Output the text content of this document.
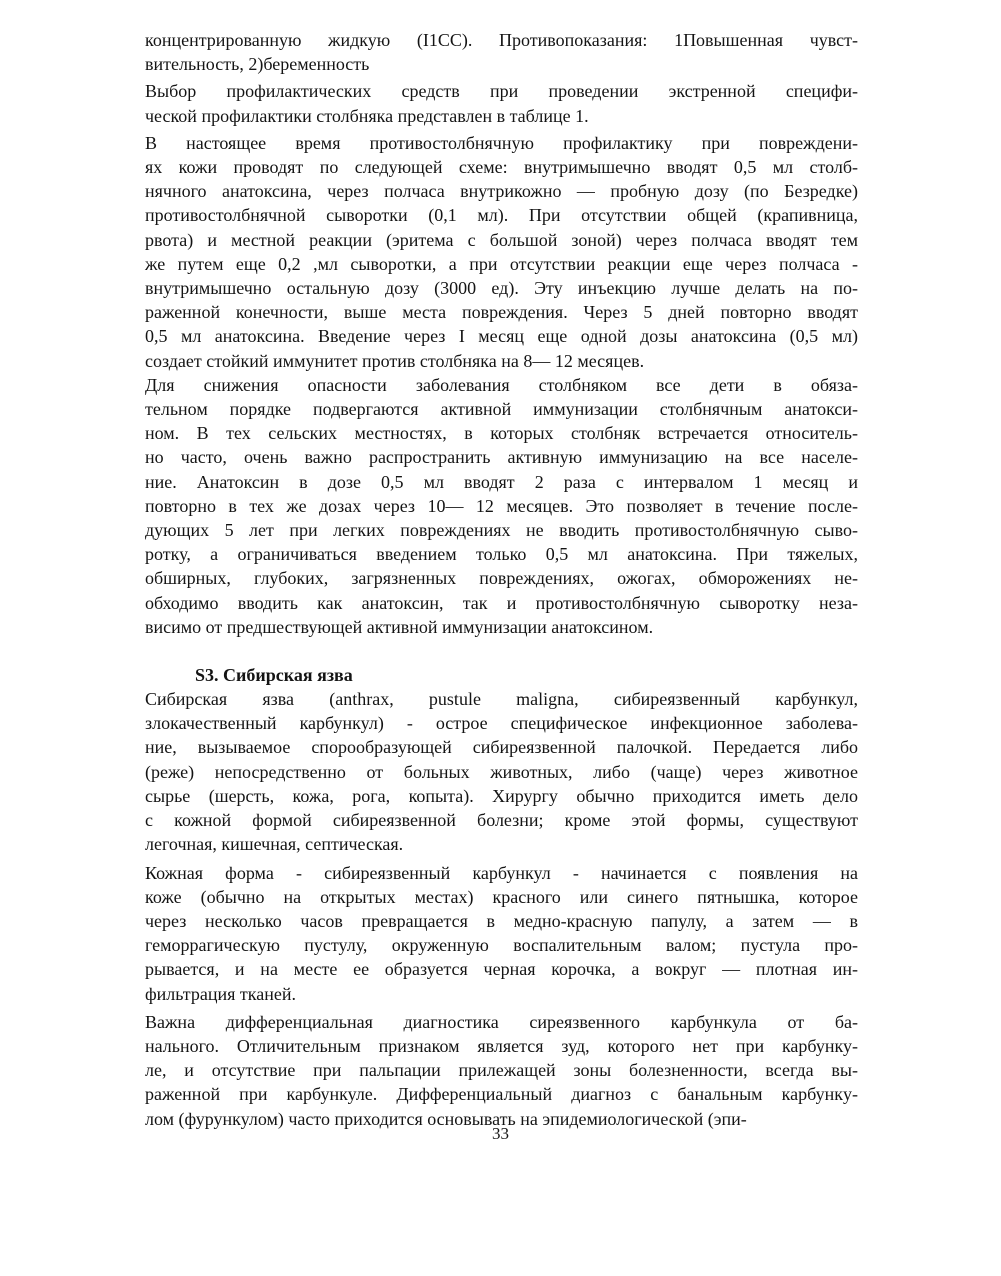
концентрированную жидкую (I1СС). Противопоказания: 1Повышенная чувст-
вительность, 2)беременность

Выбор профилактических средств при проведении экстренной специфи-
ческой профилактики столбняка представлен в таблице 1.

В настоящее время противостолбнячную профилактику при повреждени-
ях кожи проводят по следующей схеме: внутримышечно вводят 0,5 мл столб-
нячного анатоксина, через полчаса внутрикожно — пробную дозу (по Безредке)
противостолбнячной сыворотки (0,1 мл). При отсутствии общей (крапивница,
рвота) и местной реакции (эритема с большой зоной) через полчаса вводят тем
же путем еще 0,2 ,мл сыворотки, а при отсутствии реакции еще через полчаса -
внутримышечно остальную дозу (3000 ед). Эту инъекцию лучше делать на по-
раженной конечности, выше места повреждения. Через 5 дней повторно вводят
0,5 мл анатоксина. Введение через I месяц еще одной дозы анатоксина (0,5 мл)
создает стойкий иммунитет против столбняка на 8— 12 месяцев.

Для снижения опасности заболевания столбняком все дети в обяза-
тельном порядке подвергаются активной иммунизации столбнячным анатокси-
ном. В тех сельских местностях, в которых столбняк встречается относитель-
но часто, очень важно распространить активную иммунизацию на все населе-
ние. Анатоксин в дозе 0,5 мл вводят 2 раза с интервалом 1 месяц и
повторно в тех же дозах через 10— 12 месяцев. Это позволяет в течение после-
дующих 5 лет при легких повреждениях не вводить противостолбнячную сыво-
ротку, а ограничиваться введением только 0,5 мл анатоксина. При тяжелых,
обширных, глубоких, загрязненных повреждениях, ожогах, обморожениях не-
обходимо вводить как анатоксин, так и противостолбнячную сыворотку неза-
висимо от предшествующей активной иммунизации анатоксином.

S3. Сибирская язва

Сибирская язва (anthrax, pustule maligna, сибиреязвенный карбункул,
злокачественный карбункул) - острое специфическое инфекционное заболева-
ние, вызываемое спорообразующей сибиреязвенной палочкой. Передается либо
(реже) непосредственно от больных животных, либо (чаще) через животное
сырье (шерсть, кожа, рога, копыта). Хирургу обычно приходится иметь дело
с кожной формой сибиреязвенной болезни; кроме этой формы, существуют
легочная, кишечная, септическая.

Кожная форма - сибиреязвенный карбункул - начинается с появления на
коже (обычно на открытых местах) красного или синего пятнышка, которое
через несколько часов превращается в медно-красную папулу, а затем — в
геморрагическую пустулу, окруженную воспалительным валом; пустула про-
рывается, и на месте ее образуется черная корочка, а вокруг — плотная ин-
фильтрация тканей.

Важна дифференциальная диагностика сиреязвенного карбункула от ба-
нального. Отличительным признаком является зуд, которого нет при карбунку-
ле, и отсутствие при пальпации прилежащей зоны болезненности, всегда вы-
раженной при карбункуле. Дифференциальный диагноз с банальным карбункy-
лом (фурункулом) часто приходится основывать на эпидемиологической (эпи-

33
